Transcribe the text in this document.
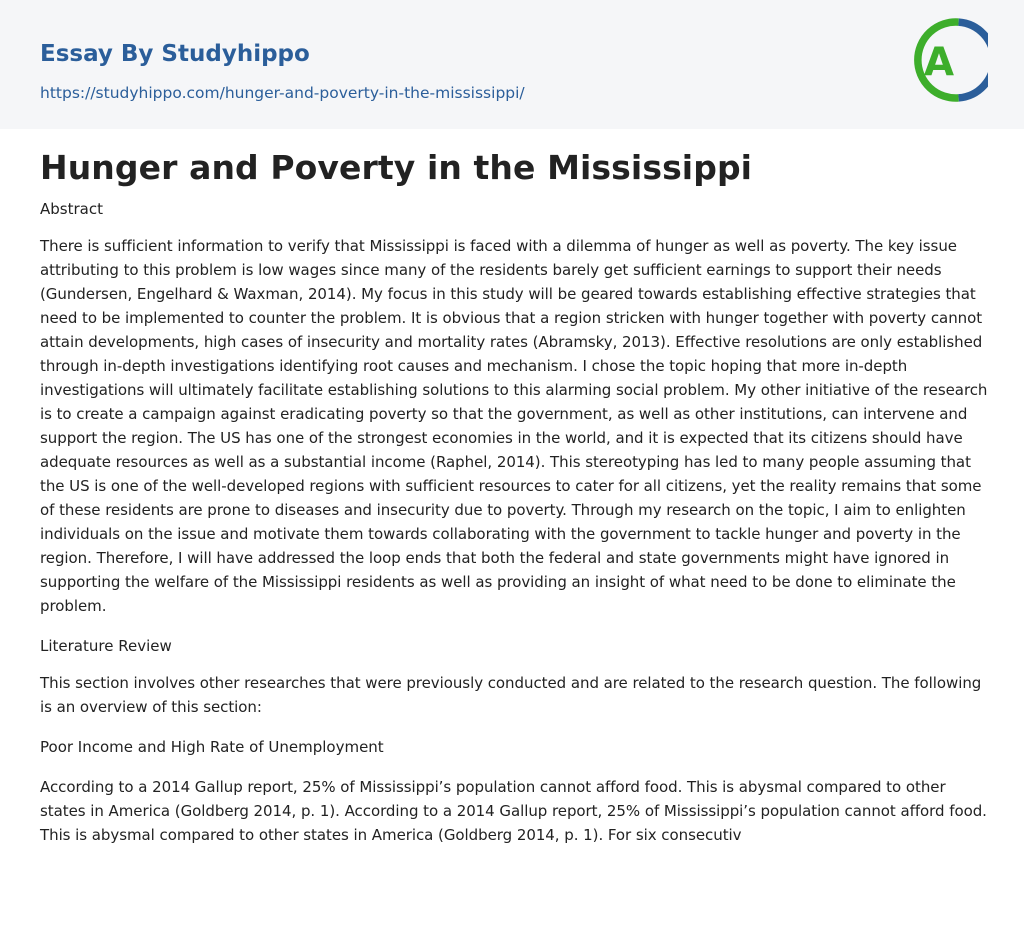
Essay By Studyhippo
https://studyhippo.com/hunger-and-poverty-in-the-mississippi/
A
Hunger and Poverty in the Mississippi
Abstract

There is sufficient information to verify that Mississippi is faced with a dilemma of hunger as well as poverty. The key issue attributing to this problem is low wages since many of the residents barely get sufficient earnings to support their needs (Gundersen, Engelhard & Waxman, 2014). My focus in this study will be geared towards establishing effective strategies that need to be implemented to counter the problem. It is obvious that a region stricken with hunger together with poverty cannot attain developments, high cases of insecurity and mortality rates (Abramsky, 2013). Effective resolutions are only established through in-depth investigations identifying root causes and mechanism. I chose the topic hoping that more in-depth investigations will ultimately facilitate establishing solutions to this alarming social problem. My other initiative of the research is to create a campaign against eradicating poverty so that the government, as well as other institutions, can intervene and support the region. The US has one of the strongest economies in the world, and it is expected that its citizens should have adequate resources as well as a substantial income (Raphel, 2014). This stereotyping has led to many people assuming that the US is one of the well-developed regions with sufficient resources to cater for all citizens, yet the reality remains that some of these residents are prone to diseases and insecurity due to poverty. Through my research on the topic, I aim to enlighten individuals on the issue and motivate them towards collaborating with the government to tackle hunger and poverty in the region. Therefore, I will have addressed the loop ends that both the federal and state governments might have ignored in supporting the welfare of the Mississippi residents as well as providing an insight of what need to be done to eliminate the problem.

Literature Review

This section involves other researches that were previously conducted and are related to the research question. The following is an overview of this section:

Poor Income and High Rate of Unemployment

According to a 2014 Gallup report, 25% of Mississippi’s population cannot afford food. This is abysmal compared to other states in America (Goldberg 2014, p. 1). According to a 2014 Gallup report, 25% of Mississippi’s population cannot afford food. This is abysmal compared to other states in America (Goldberg 2014, p. 1). For six consecutiv
